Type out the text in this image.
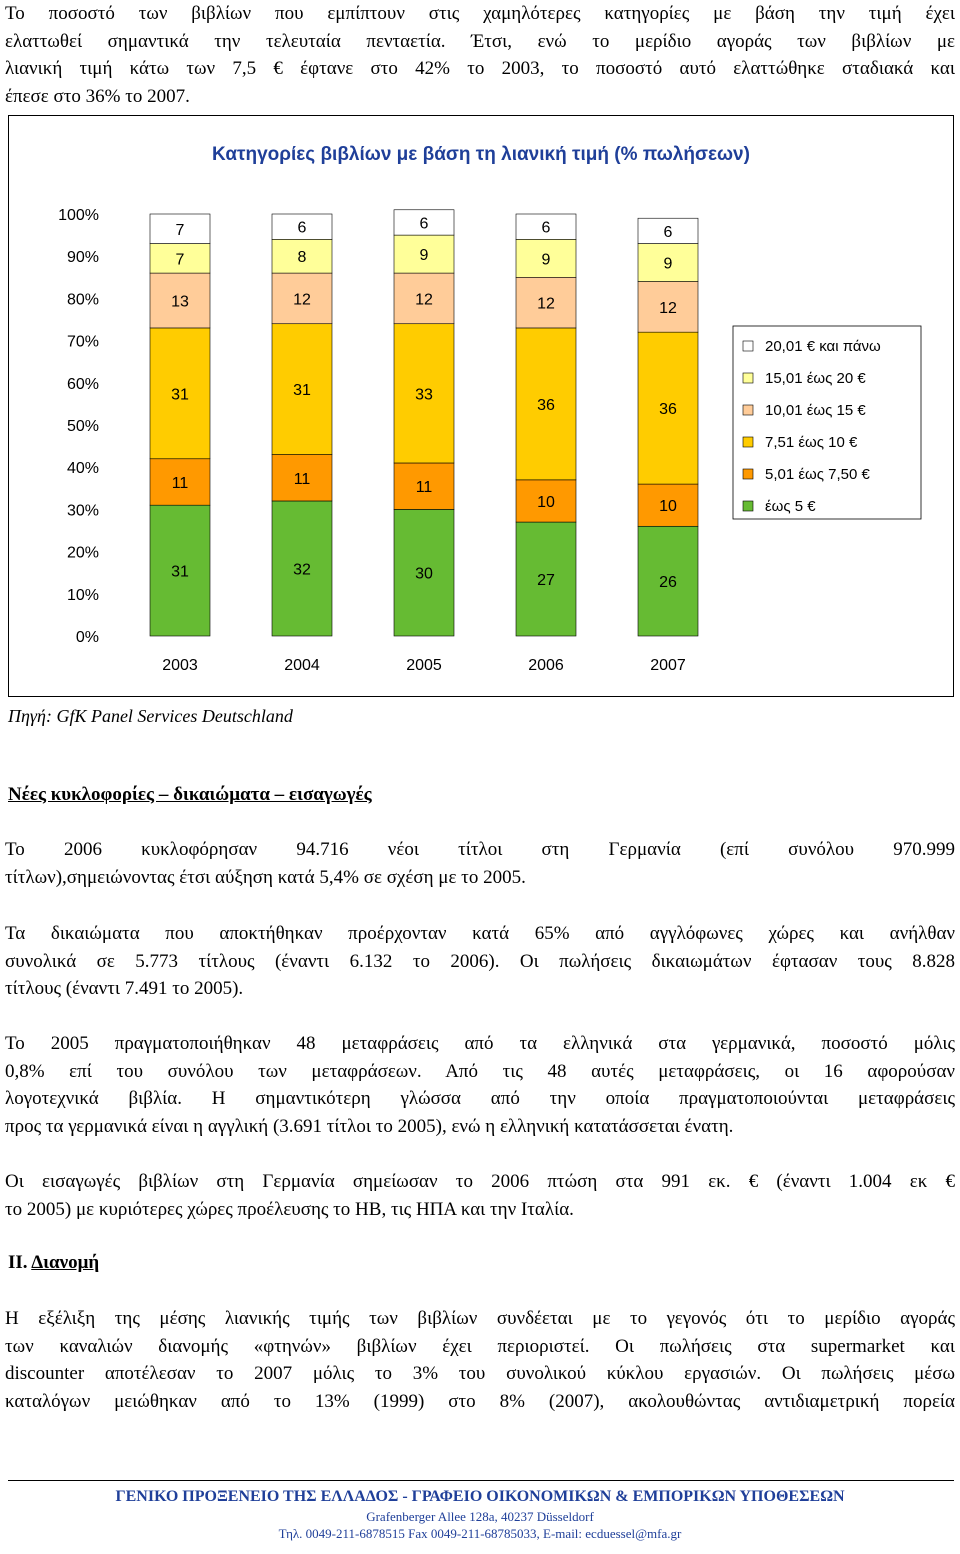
Το ποσοστό των βιβλίων που εμπίπτουν στις χαμηλότερες κατηγορίες με βάση την τιμή έχει
ελαττωθεί σημαντικά την τελευταία πενταετία. Έτσι, ενώ το μερίδιο αγοράς των βιβλίων με
λιανική τιμή κάτω των 7,5 € έφτανε στο 42% το 2003, το ποσοστό αυτό ελαττώθηκε σταδιακά και
έπεσε στο 36% το 2007.

Κατηγορίες βιβλίων με βάση τη λιανική τιμή (% πωλήσεων)
0%
10%
20%
30%
40%
50%
60%
70%
80%
90%
100%
31
11
31
13
7
7
2003
32
11
31
12
8
6
2004
30
11
33
12
9
6
2005
27
10
36
12
9
6
2006
26
10
36
12
9
6
2007
20,01 € και πάνω
15,01 έως 20 €
10,01 έως 15 €
7,51 έως 10 €
5,01 έως 7,50 €
έως 5 €
Πηγή: GfK Panel Services Deutschland
Νέες κυκλοφορίες – δικαιώματα – εισαγωγές

Το 2006 κυκλοφόρησαν 94.716 νέοι τίτλοι στη Γερμανία (επί συνόλου 970.999
τίτλων),σημειώνοντας έτσι αύξηση κατά 5,4% σε σχέση με το 2005.

Τα δικαιώματα που αποκτήθηκαν προέρχονταν κατά 65% από αγγλόφωνες χώρες και ανήλθαν
συνολικά σε 5.773 τίτλους (έναντι 6.132 το 2006). Οι πωλήσεις δικαιωμάτων έφτασαν τους 8.828
τίτλους (έναντι 7.491 το 2005).

Το 2005 πραγματοποιήθηκαν 48 μεταφράσεις από τα ελληνικά στα γερμανικά, ποσοστό μόλις
0,8% επί του συνόλου των μεταφράσεων. Από τις 48 αυτές μεταφράσεις, οι 16 αφορούσαν
λογοτεχνικά βιβλία. Η σημαντικότερη γλώσσα από την οποία πραγματοποιούνται μεταφράσεις
προς τα γερμανικά είναι η αγγλική (3.691 τίτλοι το 2005), ενώ η ελληνική κατατάσσεται ένατη.

Οι εισαγωγές βιβλίων στη Γερμανία σημείωσαν το 2006 πτώση στα 991 εκ. € (έναντι 1.004 εκ €
το 2005) με κυριότερες χώρες προέλευσης το ΗΒ, τις ΗΠΑ και την Ιταλία.

ΙΙ. Διανομή

Η εξέλιξη της μέσης λιανικής τιμής των βιβλίων συνδέεται με το γεγονός ότι το μερίδιο αγοράς
των καναλιών διανομής «φτηνών» βιβλίων έχει περιοριστεί. Οι πωλήσεις στα supermarket και
discounter αποτέλεσαν το 2007 μόλις το 3% του συνολικού κύκλου εργασιών. Οι πωλήσεις μέσω
καταλόγων μειώθηκαν από το 13% (1999) στο 8% (2007), ακολουθώντας αντιδιαμετρική πορεία

ΓΕΝΙΚΟ ΠΡΟΞΕΝΕΙΟ ΤΗΣ ΕΛΛΑΔΟΣ - ΓΡΑΦΕΙΟ ΟΙΚΟΝΟΜΙΚΩΝ & ΕΜΠΟΡΙΚΩΝ ΥΠΟΘΕΣΕΩΝ
Grafenberger Allee 128a, 40237 Düsseldorf
Τηλ. 0049-211-6878515 Fax 0049-211-68785033, E-mail: ecduessel@mfa.gr
